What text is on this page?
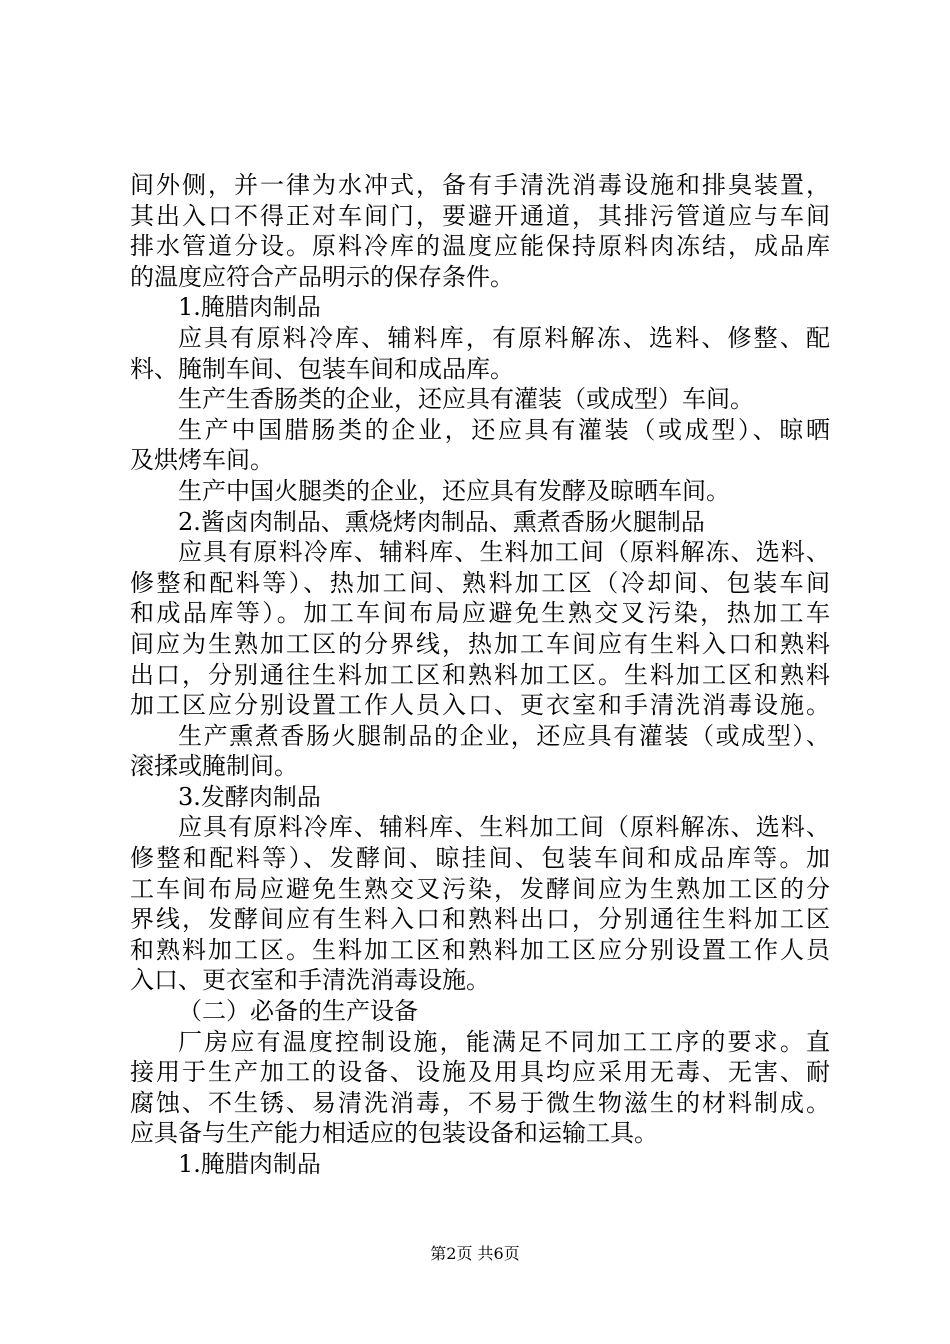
间外侧，并一律为水冲式，备有手清洗消毒设施和排臭装置，
其出入口不得正对车间门，要避开通道，其排污管道应与车间
排水管道分设。原料冷库的温度应能保持原料肉冻结，成品库
的温度应符合产品明示的保存条件。
1.腌腊肉制品
应具有原料冷库、辅料库，有原料解冻、选料、修整、配
料、腌制车间、包装车间和成品库。
生产生香肠类的企业，还应具有灌装（或成型）车间。
生产中国腊肠类的企业，还应具有灌装（或成型）、晾晒
及烘烤车间。
生产中国火腿类的企业，还应具有发酵及晾晒车间。
2.酱卤肉制品、熏烧烤肉制品、熏煮香肠火腿制品
应具有原料冷库、辅料库、生料加工间（原料解冻、选料、
修整和配料等）、热加工间、熟料加工区（冷却间、包装车间
和成品库等）。加工车间布局应避免生熟交叉污染，热加工车
间应为生熟加工区的分界线，热加工车间应有生料入口和熟料
出口，分别通往生料加工区和熟料加工区。生料加工区和熟料
加工区应分别设置工作人员入口、更衣室和手清洗消毒设施。
生产熏煮香肠火腿制品的企业，还应具有灌装（或成型）、
滚揉或腌制间。
3.发酵肉制品
应具有原料冷库、辅料库、生料加工间（原料解冻、选料、
修整和配料等）、发酵间、晾挂间、包装车间和成品库等。加
工车间布局应避免生熟交叉污染，发酵间应为生熟加工区的分
界线，发酵间应有生料入口和熟料出口，分别通往生料加工区
和熟料加工区。生料加工区和熟料加工区应分别设置工作人员
入口、更衣室和手清洗消毒设施。
（二）必备的生产设备
厂房应有温度控制设施，能满足不同加工工序的要求。直
接用于生产加工的设备、设施及用具均应采用无毒、无害、耐
腐蚀、不生锈、易清洗消毒，不易于微生物滋生的材料制成。
应具备与生产能力相适应的包装设备和运输工具。
1.腌腊肉制品
第2页 共6页
